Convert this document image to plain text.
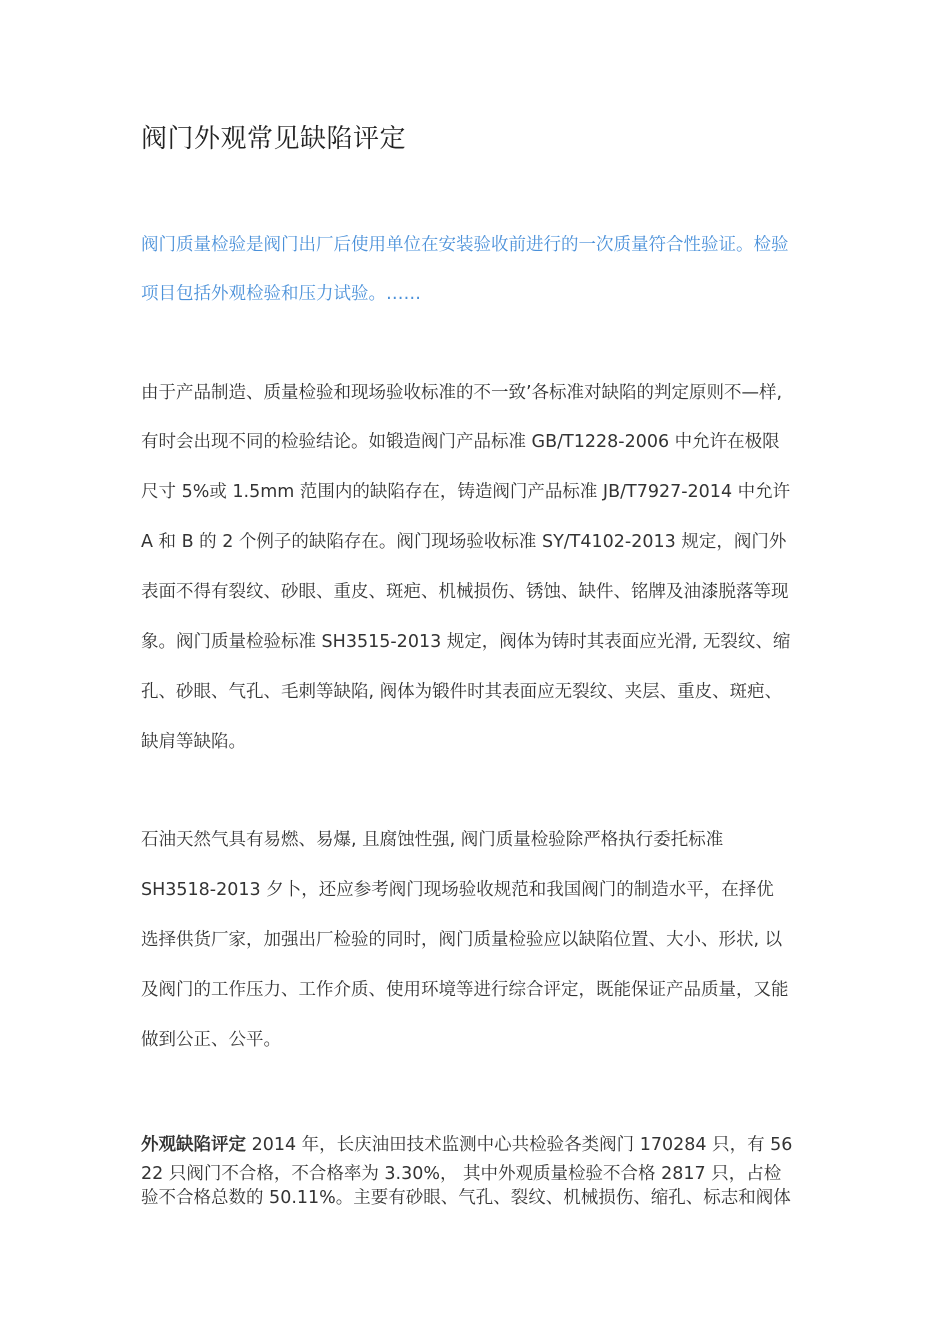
阀门外观常见缺陷评定
阀门质量检验是阀门出厂后使用单位在安装验收前进行的一次质量符合性验证。检验
项目包括外观检验和压力试验。……
由于产品制造、质量检验和现场验收标准的不一致’各标准对缺陷的判定原则不—样,
有时会出现不同的检验结论。如锻造阀门产品标准 GB/T1228-2006 中允许在极限
尺寸 5%或 1.5mm 范围内的缺陷存在，铸造阀门产品标准 JB/T7927-2014 中允许
A 和 B 的 2 个例子的缺陷存在。阀门现场验收标准 SY/T4102-2013 规定，阀门外
表面不得有裂纹、砂眼、重皮、斑疤、机械损伤、锈蚀、缺件、铭牌及油漆脱落等现
象。阀门质量检验标准 SH3515-2013 规定，阀体为铸时其表面应光滑, 无裂纹、缩
孔、砂眼、气孔、毛刺等缺陷, 阀体为锻件时其表面应无裂纹、夹层、重皮、斑疤、
缺肩等缺陷。
石油天然气具有易燃、易爆, 且腐蚀性强, 阀门质量检验除严格执行委托标准
SH3518-2013 夕卜，还应参考阀门现场验收规范和我国阀门的制造水平，在择优
选择供货厂家，加强出厂检验的同时，阀门质量检验应以缺陷位置、大小、形状, 以
及阀门的工作压力、工作介质、使用环境等进行综合评定，既能保证产品质量，又能
做到公正、公平。
外观缺陷评定 2014 年，长庆油田技术监测中心共检验各类阀门 170284 只，有 56
22 只阀门不合格，不合格率为 3.30%， 其中外观质量检验不合格 2817 只，占检
验不合格总数的 50.11%。主要有砂眼、气孔、裂纹、机械损伤、缩孔、标志和阀体
